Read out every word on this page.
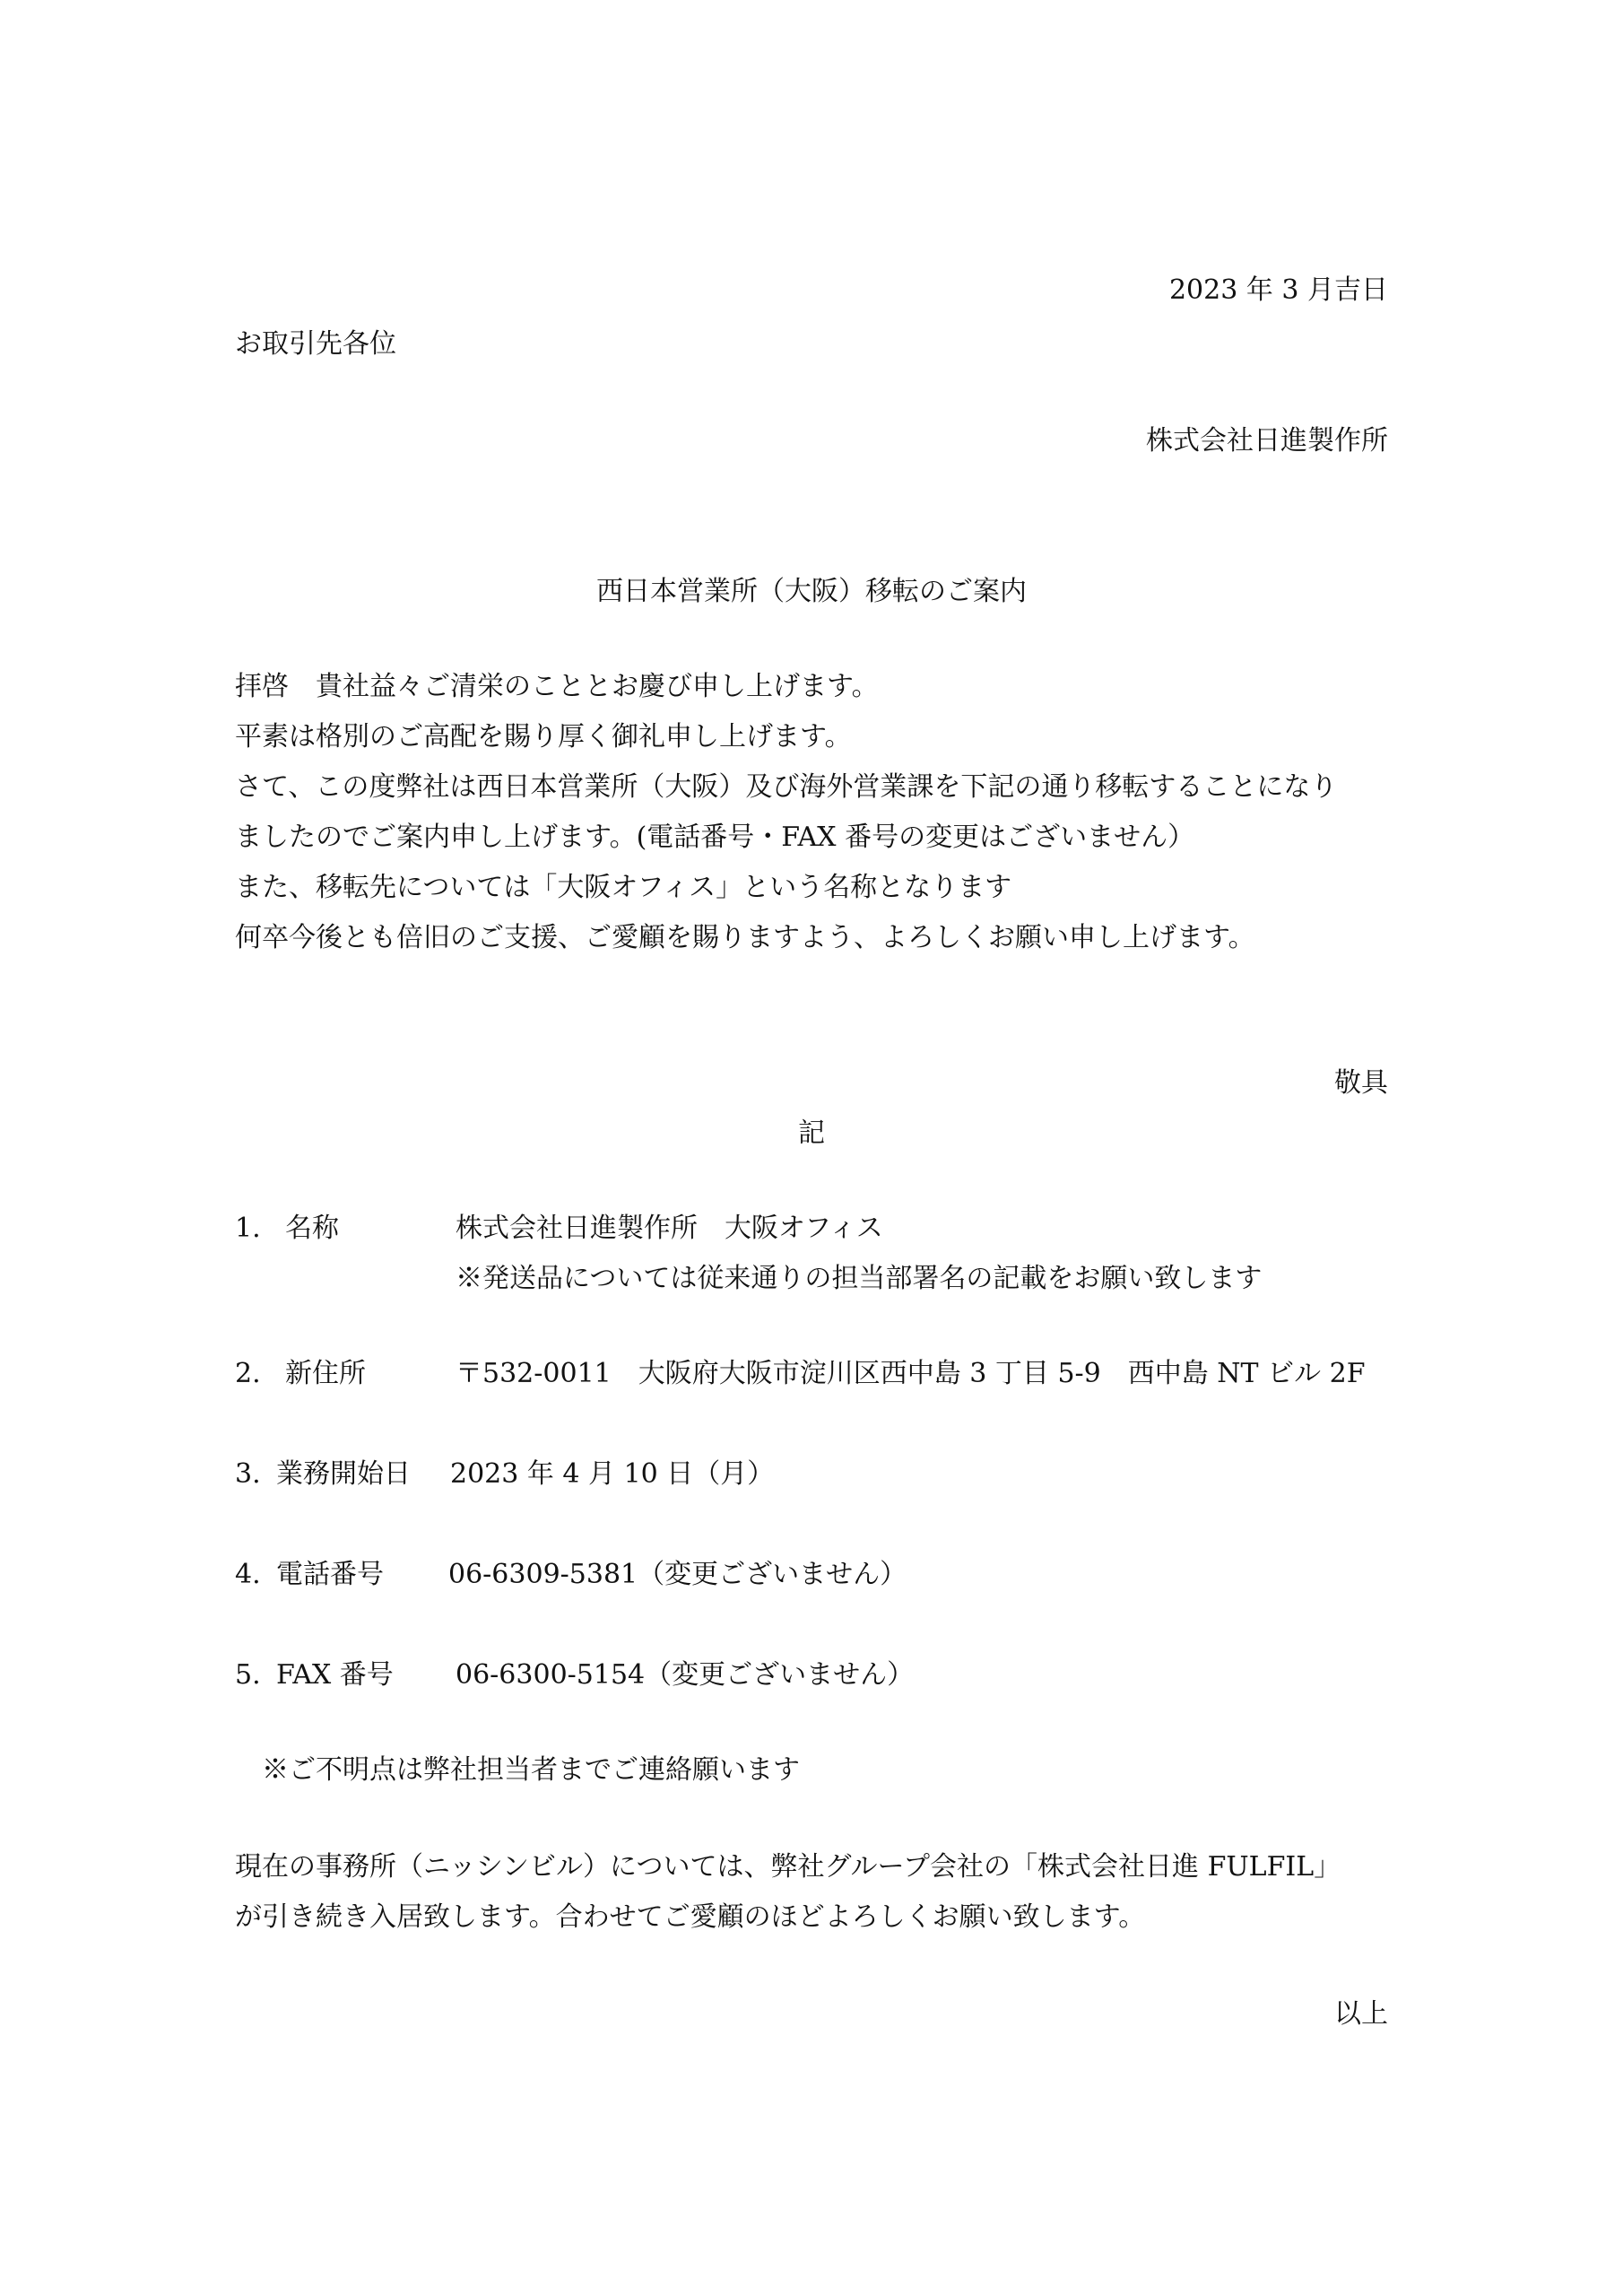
2023 年 3 月吉日
お取引先各位
株式会社日進製作所
西日本営業所（大阪）移転のご案内
拝啓　貴社益々ご清栄のこととお慶び申し上げます。
平素は格別のご高配を賜り厚く御礼申し上げます。
さて、この度弊社は西日本営業所（大阪）及び海外営業課を下記の通り移転することになり
ましたのでご案内申し上げます。(電話番号・FAX 番号の変更はございません）
また、移転先については「大阪オフィス」という名称となります
何卒今後とも倍旧のご支援、ご愛顧を賜りますよう、よろしくお願い申し上げます。
敬具
記
1. 名称	株式会社日進製作所　大阪オフィス
※発送品については従来通りの担当部署名の記載をお願い致します
2. 新住所	〒532-0011　大阪府大阪市淀川区西中島 3 丁目 5-9　西中島 NT ビル 2F
3. 業務開始日 2023 年 4 月 10 日（月）
4. 電話番号 06-6309-5381（変更ございません）
5. FAX 番号 06-6300-5154（変更ございません）
※ご不明点は弊社担当者までご連絡願います
現在の事務所（ニッシンビル）については、弊社グループ会社の「株式会社日進 FULFIL」
が引き続き入居致します。合わせてご愛顧のほどよろしくお願い致します。
以上
